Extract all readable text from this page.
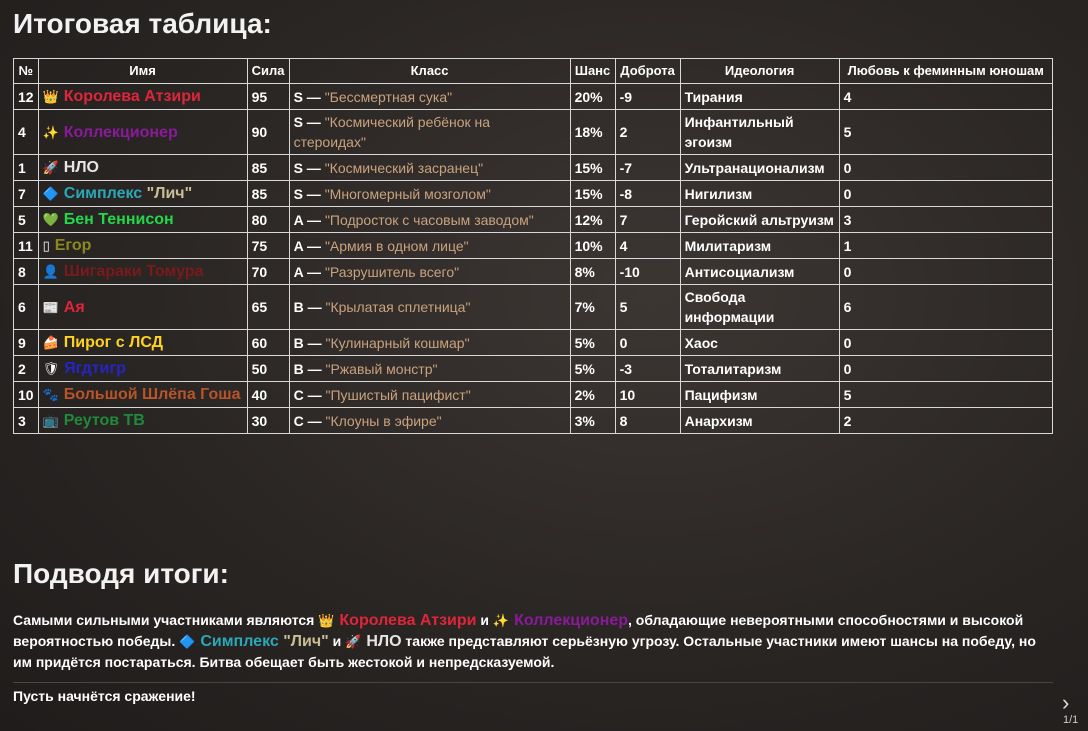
Итоговая таблица:
№	Имя	Сила	Класс	Шанс	Доброта	Идеология	Любовь к феминным юношам
12	👑 Королева Атзири	95	S — "Бессмертная сука"	20%	-9	Тирания	4
4	✨ Коллекционер	90	S — "Космический ребёнок на стероидах"	18%	2	Инфантильный эгоизм	5
1	🚀 НЛО	85	S — "Космический засранец"	15%	-7	Ультранационализм	0
7	🔷 Симплекс "Лич"	85	S — "Многомерный мозголом"	15%	-8	Нигилизм	0
5	💚 Бен Теннисон	80	A — "Подросток с часовым заводом"	12%	7	Геройский альтруизм	3
11	▯ Егор	75	A — "Армия в одном лице"	10%	4	Милитаризм	1
8	👤 Шигараки Томура	70	A — "Разрушитель всего"	8%	-10	Антисоциализм	0
6	📰 Ая	65	B — "Крылатая сплетница"	7%	5	Свобода информации	6
9	🍰 Пирог с ЛСД	60	B — "Кулинарный кошмар"	5%	0	Хаос	0
2	🛡 Ягдтигр	50	B — "Ржавый монстр"	5%	-3	Тоталитаризм	0
10	🐾 Большой Шлёпа Гоша	40	C — "Пушистый пацифист"	2%	10	Пацифизм	5
3	📺 Реутов ТВ	30	C — "Клоуны в эфире"	3%	8	Анархизм	2
Подводя итоги:

Самыми сильными участниками являются 👑 Королева Атзири и ✨ Коллекционер, обладающие невероятными способностями и высокой вероятностью победы. 🔷 Симплекс "Лич" и 🚀 НЛО также представляют серьёзную угрозу. Остальные участники имеют шансы на победу, но им придётся постараться. Битва обещает быть жестокой и непредсказуемой.

Пусть начнётся сражение!	›
1/1
